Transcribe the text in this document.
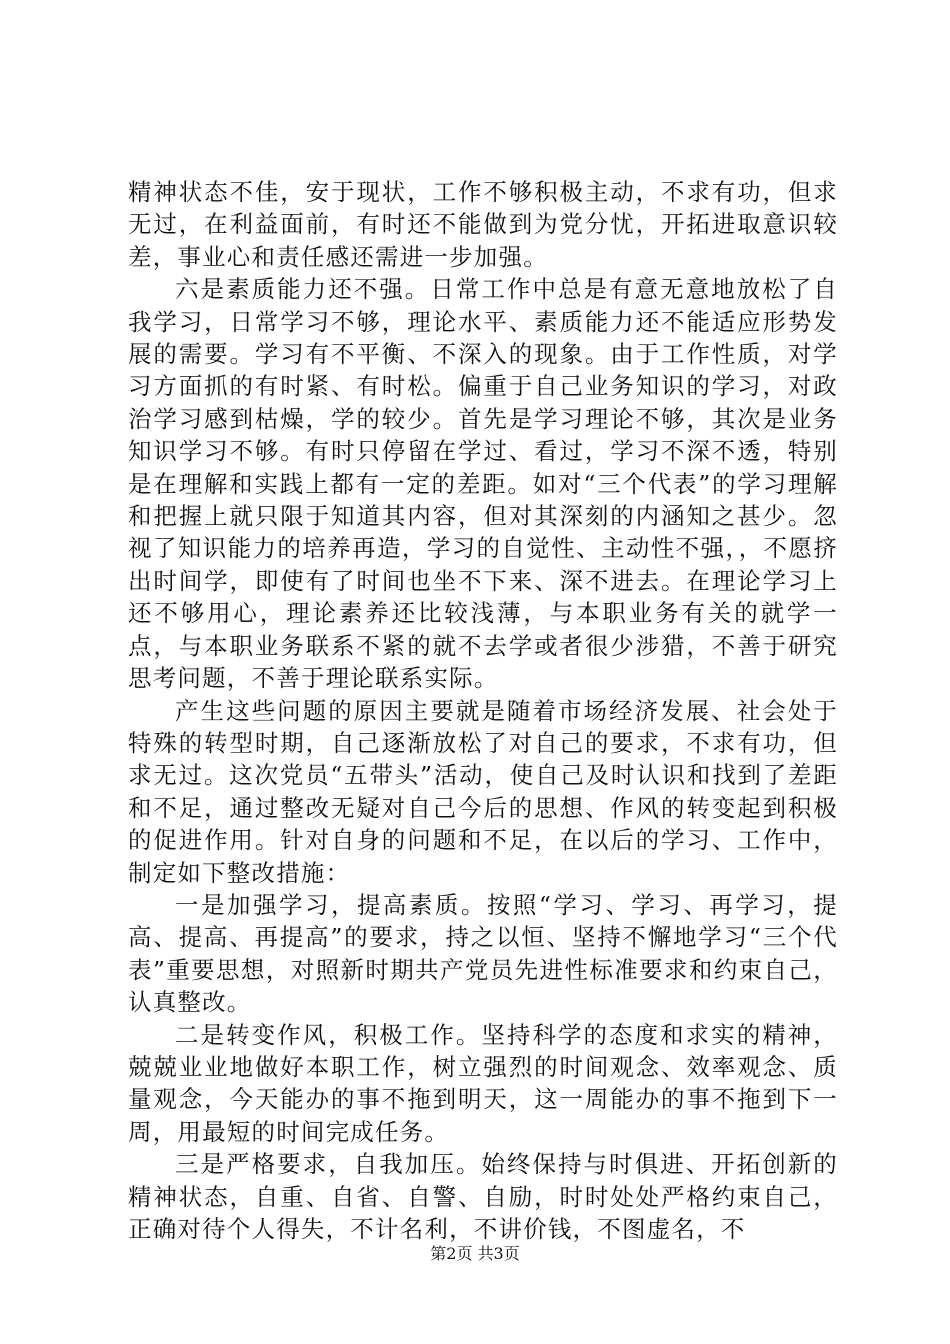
精神状态不佳，安于现状，工作不够积极主动，不求有功，但求无过，在利益面前，有时还不能做到为党分忧，开拓进取意识较差，事业心和责任感还需进一步加强。

六是素质能力还不强。日常工作中总是有意无意地放松了自我学习，日常学习不够，理论水平、素质能力还不能适应形势发展的需要。学习有不平衡、不深入的现象。由于工作性质，对学习方面抓的有时紧、有时松。偏重于自己业务知识的学习，对政治学习感到枯燥，学的较少。首先是学习理论不够，其次是业务知识学习不够。有时只停留在学过、看过，学习不深不透，特别是在理解和实践上都有一定的差距。如对“三个代表”的学习理解和把握上就只限于知道其内容，但对其深刻的内涵知之甚少。忽视了知识能力的培养再造，学习的自觉性、主动性不强，，不愿挤出时间学，即使有了时间也坐不下来、深不进去。在理论学习上还不够用心，理论素养还比较浅薄，与本职业务有关的就学一点，与本职业务联系不紧的就不去学或者很少涉猎，不善于研究思考问题，不善于理论联系实际。

产生这些问题的原因主要就是随着市场经济发展、社会处于特殊的转型时期，自己逐渐放松了对自己的要求，不求有功，但求无过。这次党员“五带头”活动，使自己及时认识和找到了差距和不足，通过整改无疑对自己今后的思想、作风的转变起到积极的促进作用。针对自身的问题和不足，在以后的学习、工作中，制定如下整改措施：

一是加强学习，提高素质。按照“学习、学习、再学习，提高、提高、再提高”的要求，持之以恒、坚持不懈地学习“三个代表”重要思想，对照新时期共产党员先进性标准要求和约束自己，认真整改。

二是转变作风，积极工作。坚持科学的态度和求实的精神，兢兢业业地做好本职工作，树立强烈的时间观念、效率观念、质量观念，今天能办的事不拖到明天，这一周能办的事不拖到下一周，用最短的时间完成任务。

三是严格要求，自我加压。始终保持与时俱进、开拓创新的精神状态，自重、自省、自警、自励，时时处处严格约束自己，正确对待个人得失，不计名利，不讲价钱，不图虚名，不

第2页 共3页
